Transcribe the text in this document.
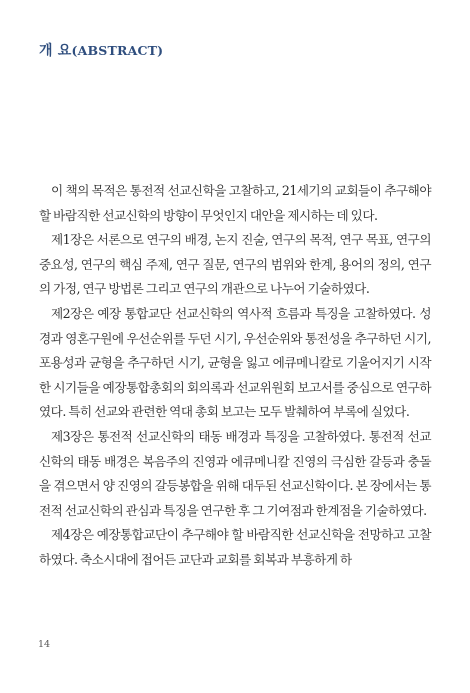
개 요(ABSTRACT)

이 책의 목적은 통전적 선교신학을 고찰하고, 21세기의 교회들이 추구해야 할 바람직한 선교신학의 방향이 무엇인지 대안을 제시하는 데 있다.

제1장은 서론으로 연구의 배경, 논지 진술, 연구의 목적, 연구 목표, 연구의 중요성, 연구의 핵심 주제, 연구 질문, 연구의 범위와 한계, 용어의 정의, 연구의 가정, 연구 방법론 그리고 연구의 개관으로 나누어 기술하였다.

제2장은 예장 통합교단 선교신학의 역사적 흐름과 특징을 고찰하였다. 성경과 영혼구원에 우선순위를 두던 시기, 우선순위와 통전성을 추구하던 시기, 포용성과 균형을 추구하던 시기, 균형을 잃고 에큐메니칼로 기울어지기 시작한 시기들을 예장통합총회의 회의록과 선교위원회 보고서를 중심으로 연구하였다. 특히 선교와 관련한 역대 총회 보고는 모두 발췌하여 부록에 실었다.

제3장은 통전적 선교신학의 태동 배경과 특징을 고찰하였다. 통전적 선교신학의 태동 배경은 복음주의 진영과 에큐메니칼 진영의 극심한 갈등과 충돌을 겪으면서 양 진영의 갈등봉합을 위해 대두된 선교신학이다. 본 장에서는 통전적 선교신학의 관심과 특징을 연구한 후 그 기여점과 한계점을 기술하였다.

제4장은 예장통합교단이 추구해야 할 바람직한 선교신학을 전망하고 고찰하였다. 축소시대에 접어든 교단과 교회를 회복과 부흥하게 하

14
